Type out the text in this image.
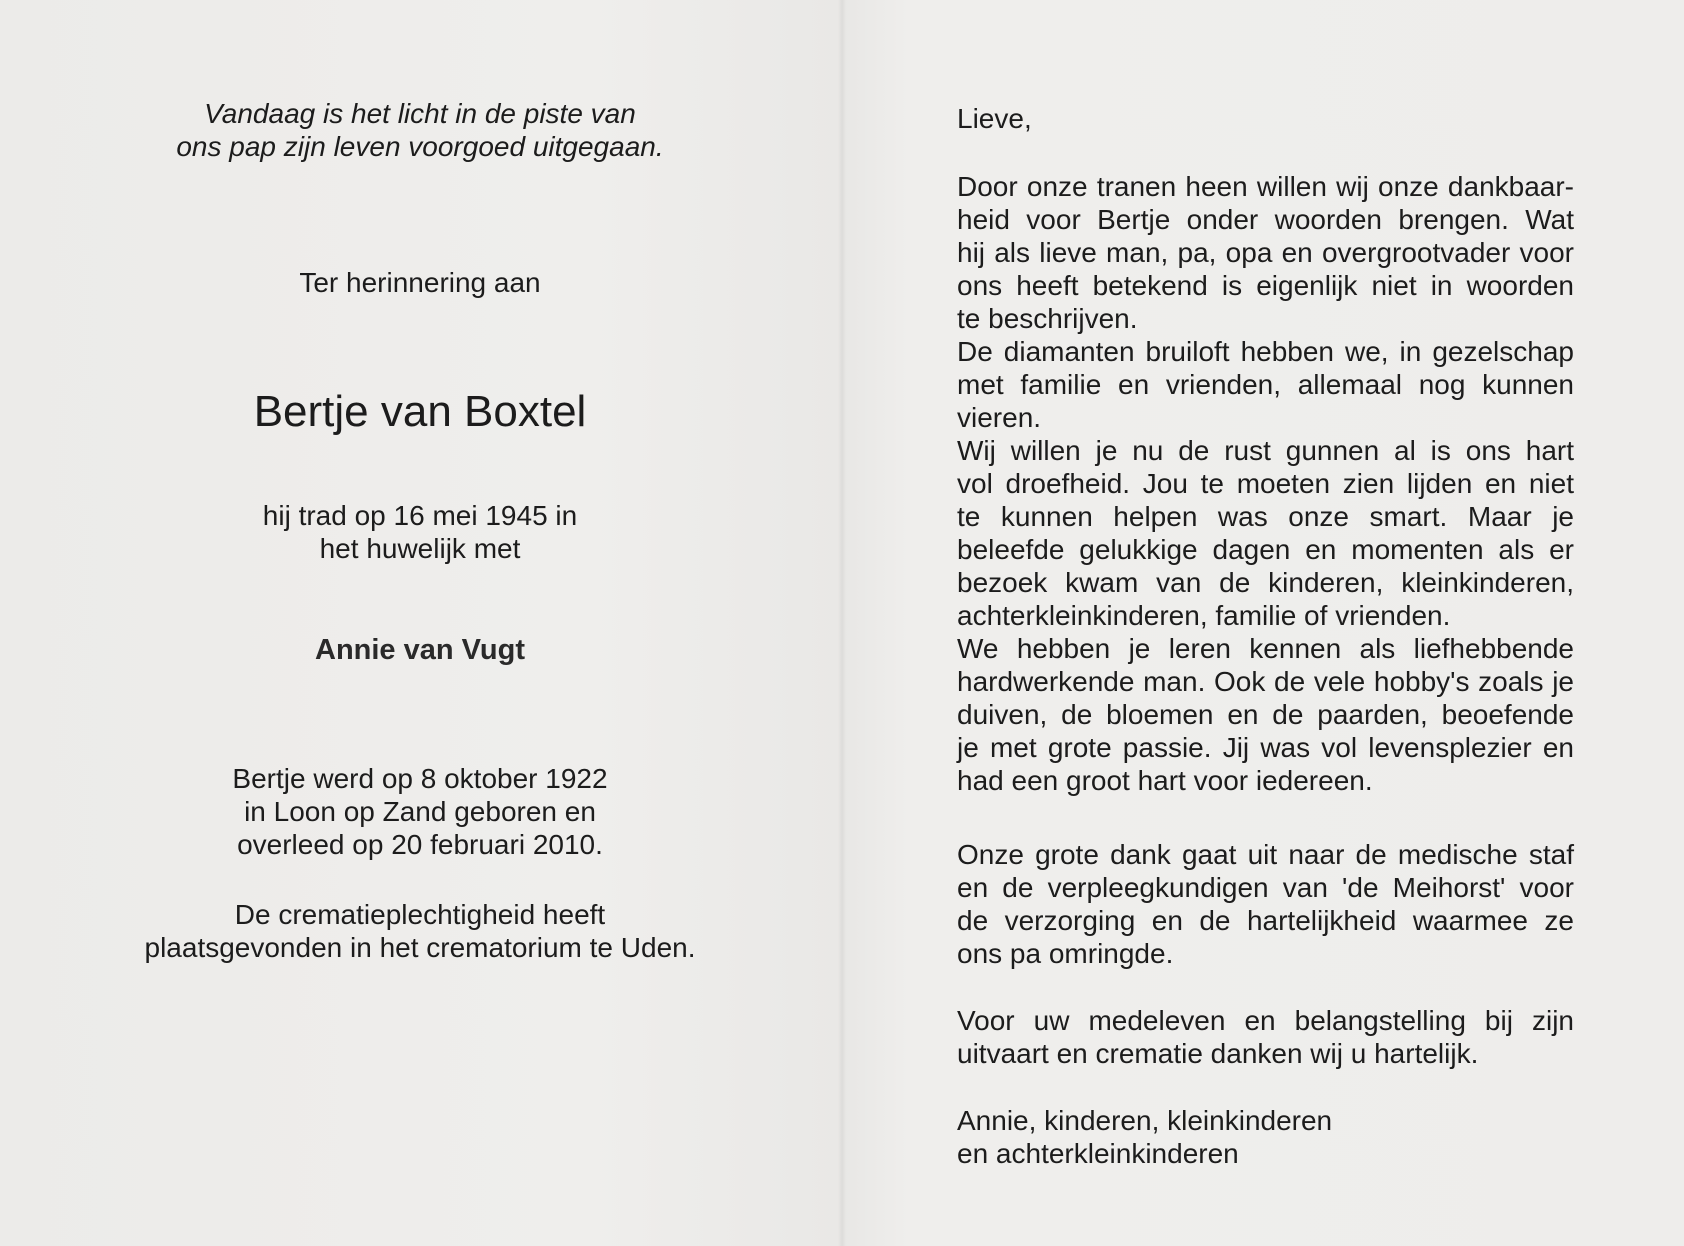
Vandaag is het licht in de piste van
ons pap zijn leven voorgoed uitgegaan.

Ter herinnering aan

Bertje van Boxtel

hij trad op 16 mei 1945 in
het huwelijk met

Annie van Vugt

Bertje werd op 8 oktober 1922
in Loon op Zand geboren en
overleed op 20 februari 2010.

De crematieplechtigheid heeft
plaatsgevonden in het crematorium te Uden.

Lieve,

Door onze tranen heen willen wij onze dankbaar-
heid voor Bertje onder woorden brengen. Wat
hij als lieve man, pa, opa en overgrootvader voor
ons heeft betekend is eigenlijk niet in woorden
te beschrijven.
De diamanten bruiloft hebben we, in gezelschap
met familie en vrienden, allemaal nog kunnen
vieren.
Wij willen je nu de rust gunnen al is ons hart
vol droefheid. Jou te moeten zien lijden en niet
te kunnen helpen was onze smart. Maar je
beleefde gelukkige dagen en momenten als er
bezoek kwam van de kinderen, kleinkinderen,
achterkleinkinderen, familie of vrienden.
We hebben je leren kennen als liefhebbende
hardwerkende man. Ook de vele hobby's zoals je
duiven, de bloemen en de paarden, beoefende
je met grote passie. Jij was vol levensplezier en
had een groot hart voor iedereen.

Onze grote dank gaat uit naar de medische staf
en de verpleegkundigen van 'de Meihorst' voor
de verzorging en de hartelijkheid waarmee ze
ons pa omringde.

Voor uw medeleven en belangstelling bij zijn
uitvaart en crematie danken wij u hartelijk.

Annie, kinderen, kleinkinderen
en achterkleinkinderen
